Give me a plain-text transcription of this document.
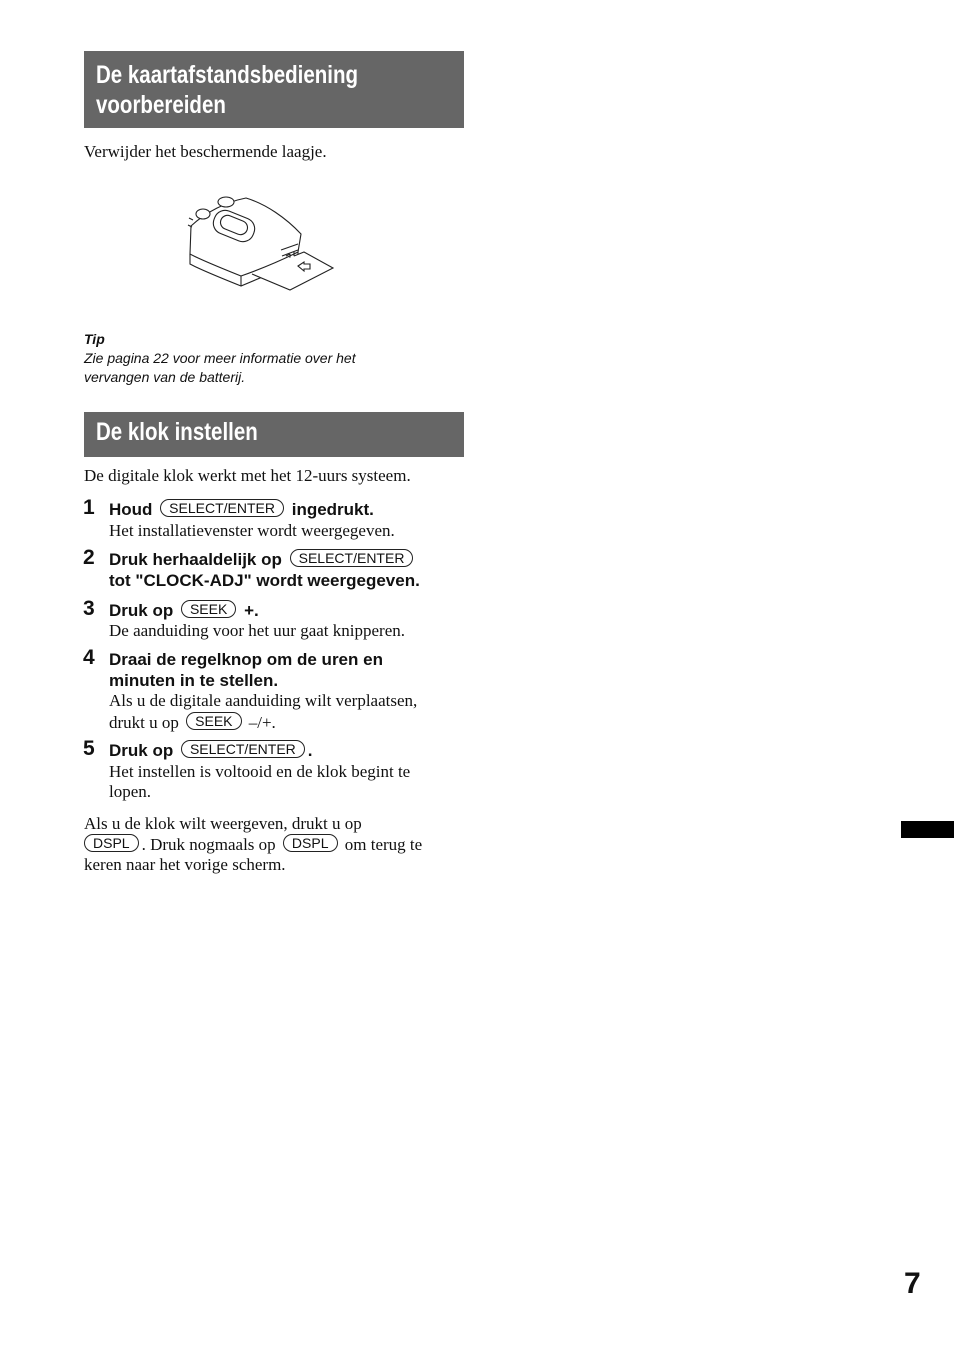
De kaartafstandsbediening
voorbereiden
Verwijder het beschermende laagje.
Tip
Zie pagina 22 voor meer informatie over het
vervangen van de batterij.
De klok instellen
De digitale klok werkt met het 12-uurs systeem.
1 Houd SELECT/ENTER ingedrukt.
Het installatievenster wordt weergegeven.
2 Druk herhaaldelijk op SELECT/ENTER
tot "CLOCK-ADJ" wordt weergegeven.
3 Druk op SEEK +.
De aanduiding voor het uur gaat knipperen.
4 Draai de regelknop om de uren en
minuten in te stellen.
Als u de digitale aanduiding wilt verplaatsen,
drukt u op SEEK –/+.
5 Druk op SELECT/ENTER .
Het instellen is voltooid en de klok begint te
lopen.
Als u de klok wilt weergeven, drukt u op
DSPL . Druk nogmaals op DSPL om terug te
keren naar het vorige scherm.
7
